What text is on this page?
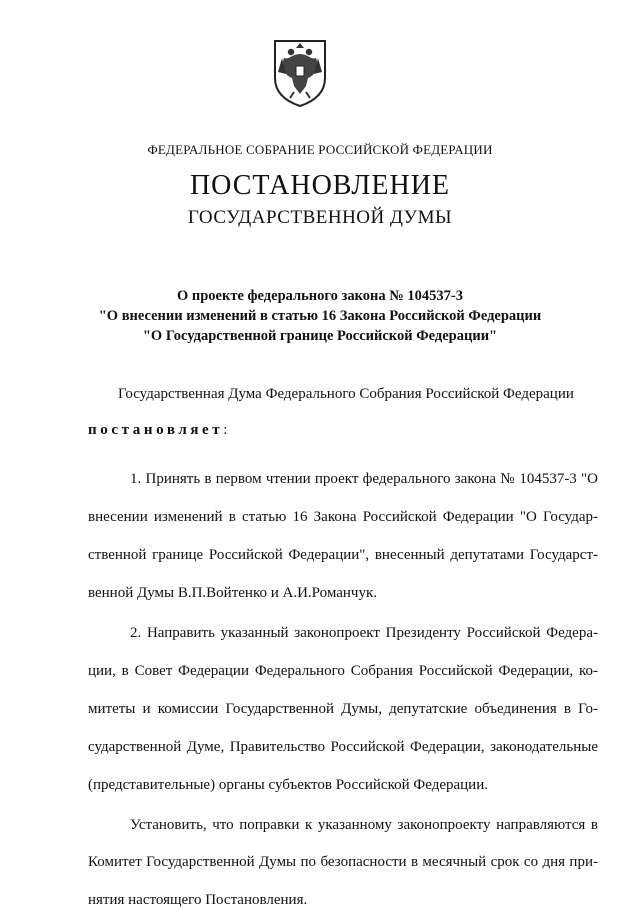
ФЕДЕРАЛЬНОЕ СОБРАНИЕ РОССИЙСКОЙ ФЕДЕРАЦИИ
ПОСТАНОВЛЕНИЕ
ГОСУДАРСТВЕННОЙ ДУМЫ
О проекте федерального закона № 104537-3
"О внесении изменений в статью 16 Закона Российской Федерации
"О Государственной границе Российской Федерации"
Государственная Дума Федерального Собрания Российской Федерации
постановляет:
1. Принять в первом чтении проект федерального закона № 104537-3 "О
внесении изменений в статью 16 Закона Российской Федерации "О Государ-
ственной границе Российской Федерации", внесенный депутатами Государст-
венной Думы В.П.Войтенко и А.И.Романчук.
2. Направить указанный законопроект Президенту Российской Федера-
ции, в Совет Федерации Федерального Собрания Российской Федерации, ко-
митеты и комиссии Государственной Думы, депутатские объединения в Го-
сударственной Думе, Правительство Российской Федерации, законодательные
(представительные) органы субъектов Российской Федерации.
Установить, что поправки к указанному законопроекту направляются в
Комитет Государственной Думы по безопасности в месячный срок со дня при-
нятия настоящего Постановления.
